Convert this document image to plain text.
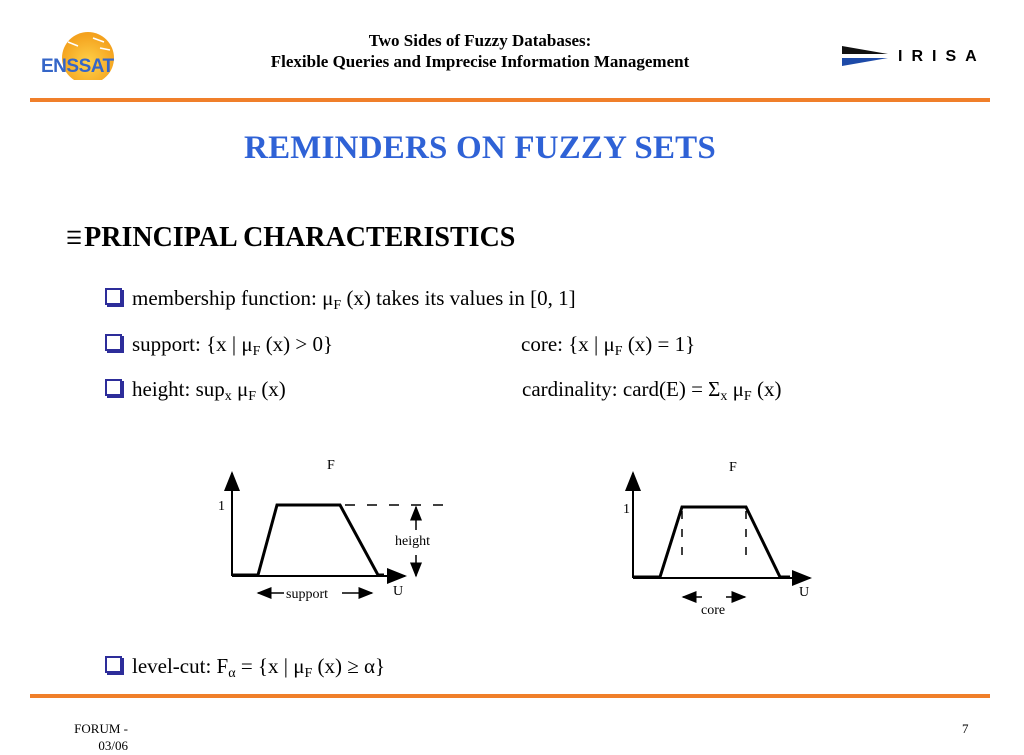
ENSSAT
Two Sides of Fuzzy Databases:
Flexible Queries and Imprecise Information Management	IRISA
REMINDERS ON FUZZY SETS
☰PRINCIPAL CHARACTERISTICS
membership function: $\mu_F$ (x) takes its values in [0, 1]
support: {x | $\mu_F$ (x) > 0}	core: {x | $\mu_F$ (x) = 1}
height: sup$_x$ $\mu_F$ (x)	cardinality: card(E) = $\Sigma_x$ $\mu_F$ (x)
F
1
U
height
support
F
1
U
core
level-cut: $F_\alpha = \{x$ | $\mu_F$ (x) ≥ α}
FORUM -
03/06
7
